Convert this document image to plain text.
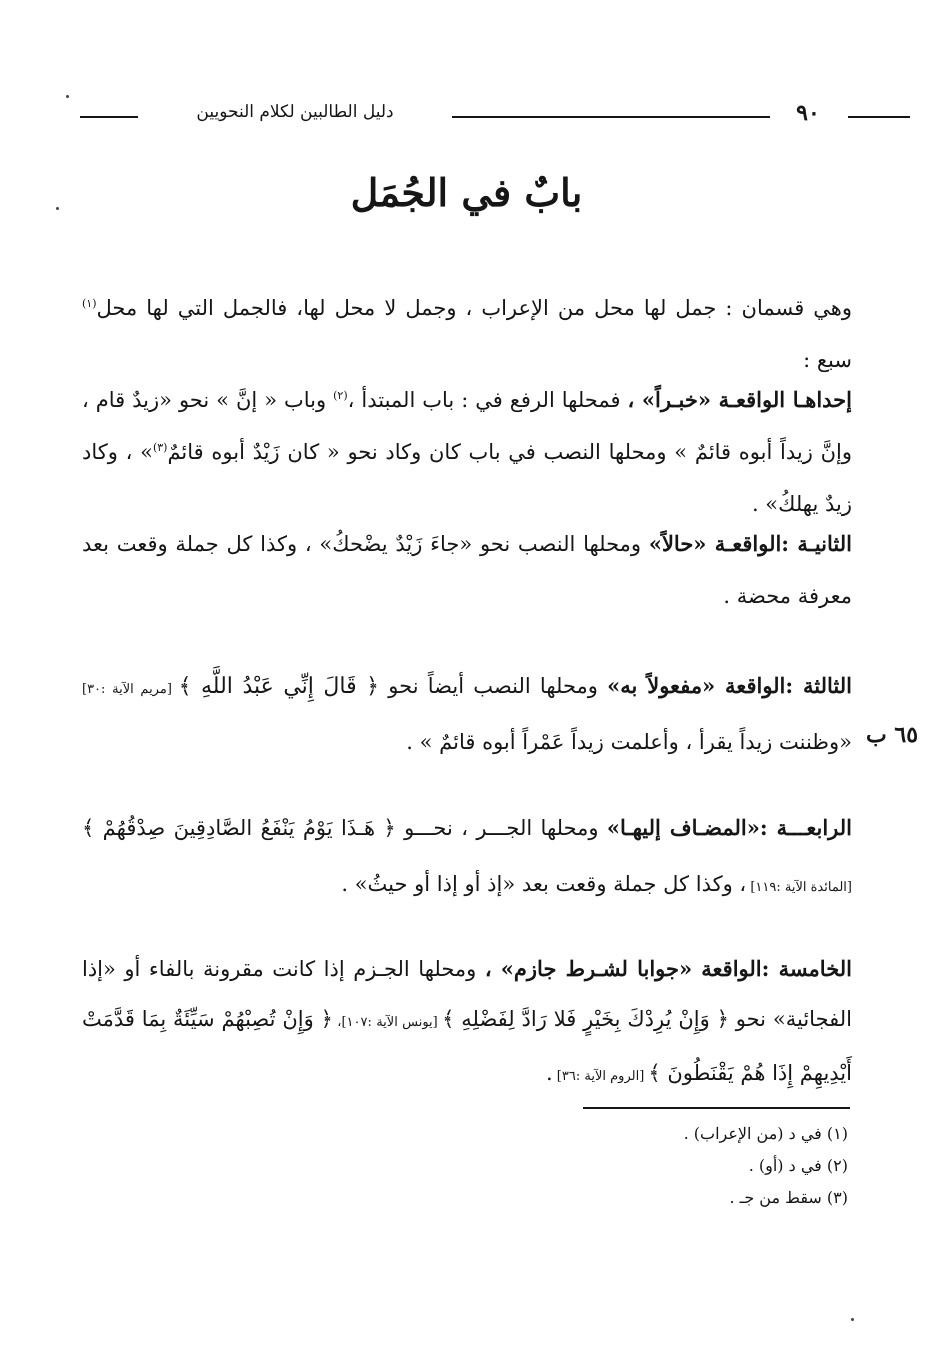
دليل الطالبين لكلام النحويين	٩٠
بابٌ في الجُمَل
وهي قسمان : جمل لها محل من الإعراب ، وجمل لا محل لها، فالجمل التي لها محل$^{(١)}$ سبع :
إحداهـا الواقعـة «خبـراً» ، فمحلها الرفع في : باب المبتدأ ،$^{(٢)}$ وباب « إنَّ » نحو «زيدٌ قام ، وإنَّ زيداً أبوه قائمٌ » ومحلها النصب في باب كان وكاد نحو « كان زَيْدٌ أبوه قائمٌ$^{(٣)}$» ، وكاد زيدٌ يهلكُ» .
الثانيـة :الواقعـة «حالاً» ومحلها النصب نحو «جاءَ زَيْدٌ يضْحكُ» ، وكذا كل جملة وقعت بعد معرفة محضة .
الثالثة :الواقعة «مفعولاً به» ومحلها النصب أيضاً نحو ﴿ قَالَ إِنِّي عَبْدُ اللَّهِ ﴾ [مريم الآية :٣٠] «وظننت زيداً يقرأ ، وأعلمت زيداً عَمْراً أبوه قائمٌ » . ٦٥ ب
الرابعـــة :«المضـاف إليهـا» ومحلها الجـــر ، نحـــو ﴿ هَـذَا يَوْمُ يَنْفَعُ الصَّادِقِينَ صِدْقُهُمْ ﴾ [المائدة الآية :١١٩] ، وكذا كل جملة وقعت بعد «إذ أو إذا أو حيثُ» .
الخامسة :الواقعة «جوابا لشـرط جازم» ، ومحلها الجـزم إذا كانت مقرونة بالفاء أو «إذا الفجائية» نحو ﴿ وَإِنْ يُرِدْكَ بِخَيْرٍ فَلا رَادَّ لِفَضْلِهِ ﴾ [يونس الآية :١٠٧]، ﴿ وَإِنْ تُصِبْهُمْ سَيِّئَةٌ بِمَا قَدَّمَتْ أَيْدِيهِمْ إِذَا هُمْ يَقْنَطُونَ ﴾ [الروم الآية :٣٦] .
(١) في د (من الإعراب) .
(٢) في د (أو) .
(٣) سقط من جـ .
